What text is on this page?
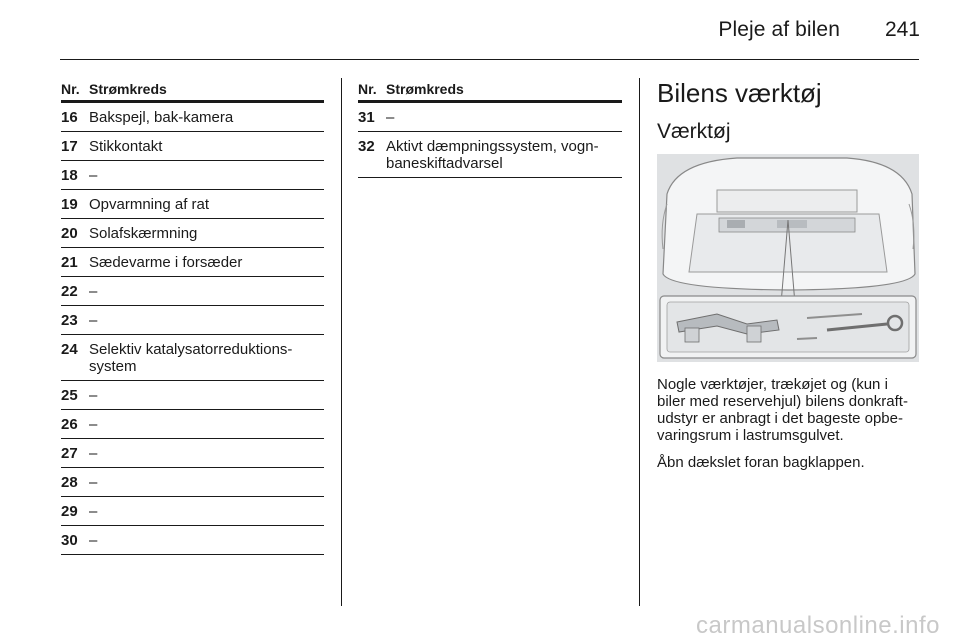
Pleje af bilen 241
Nr. Strømkreds
16 Bakspejl, bak-kamera
17 Stikkontakt
18 –
19 Opvarmning af rat
20 Solafskærmning
21 Sædevarme i forsæder
22 –
23 –
24 Selektiv katalysatorreduktions-system
25 –
26 –
27 –
28 –
29 –
30 –
Nr. Strømkreds
31 –
32 Aktivt dæmpningssystem, vogn-baneskiftadvarsel
Bilens værktøj
Værktøj

Nogle værktøjer, trækøjet og (kun i biler med reservehjul) bilens donkraft-udstyr er anbragt i det bageste opbe-varingsrum i lastrumsgulvet.

Åbn dækslet foran bagklappen.

carmanualsonline.info
